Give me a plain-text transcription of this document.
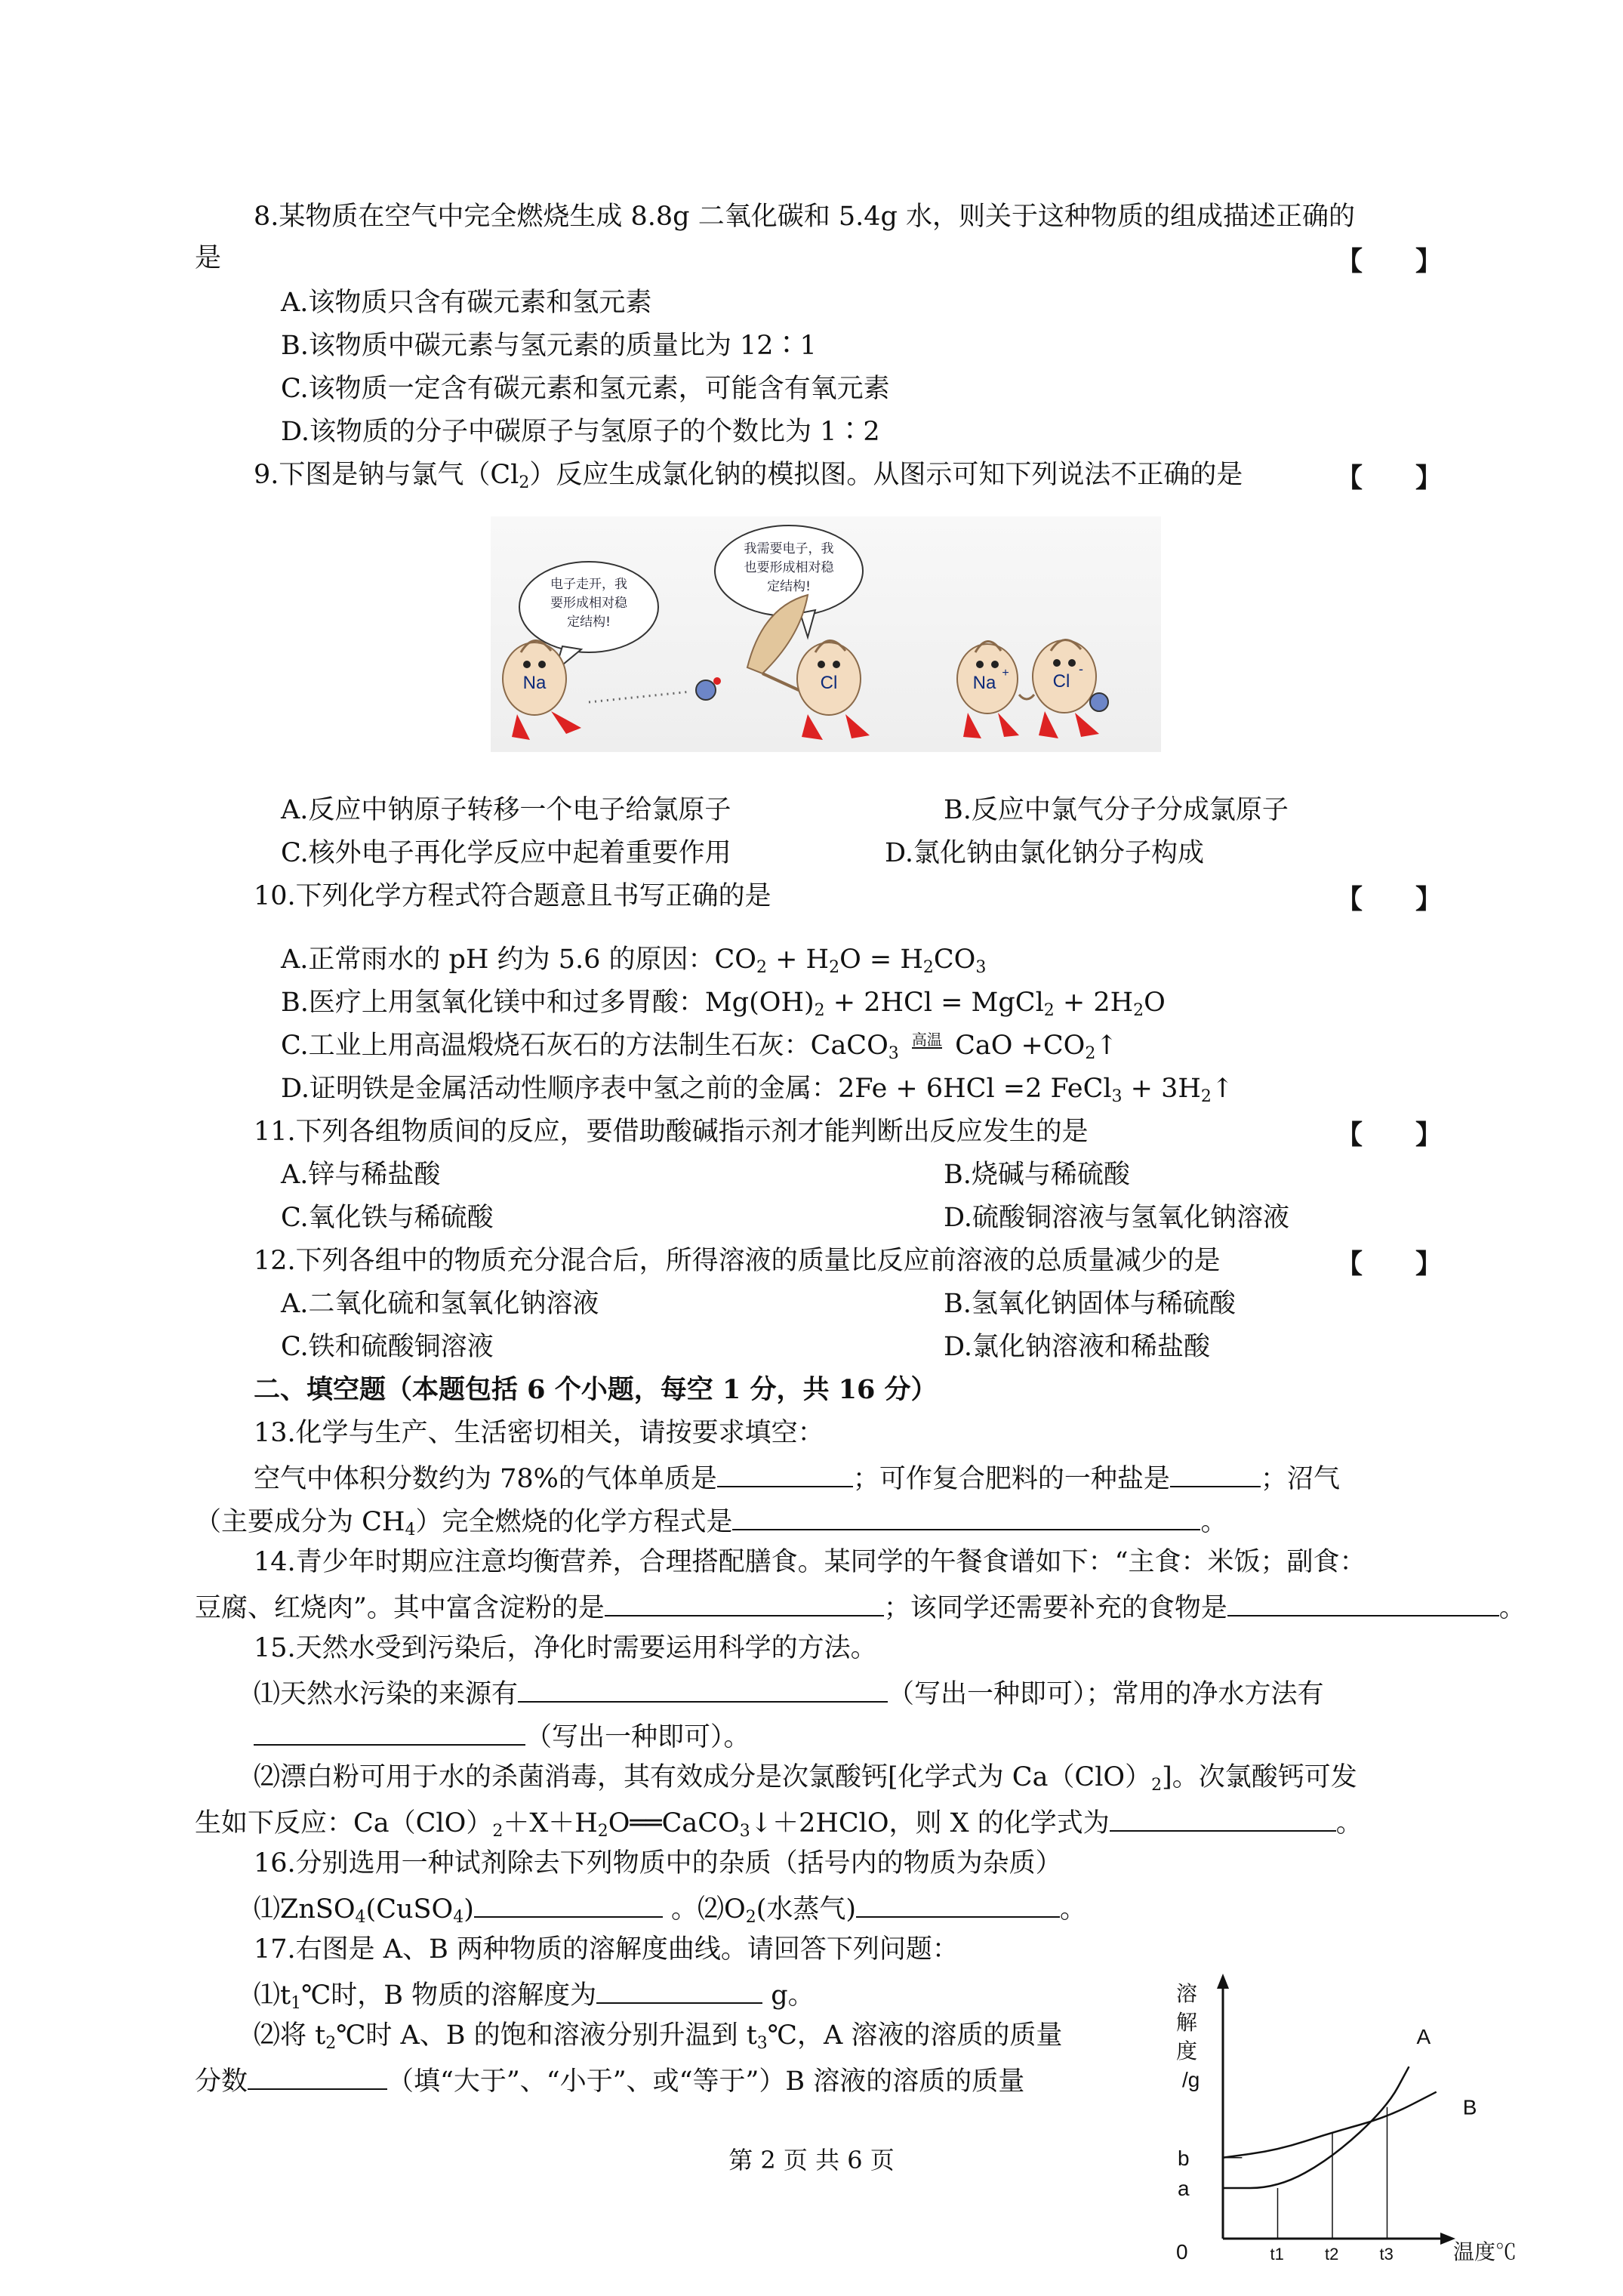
8.某物质在空气中完全燃烧生成 8.8g 二氧化碳和 5.4g 水，则关于这种物质的组成描述正确的
是	【　　】
A.该物质只含有碳元素和氢元素
B.该物质中碳元素与氢元素的质量比为 12∶1
C.该物质一定含有碳元素和氢元素，可能含有氧元素
D.该物质的分子中碳原子与氢原子的个数比为 1∶2
9.下图是钠与氯气$(Cl_2)$反应生成氯化钠的模拟图。从图示可知下列说法不正确的是	【　　】
电子走开，我
要形成相对稳
定结构!
我需要电子，我
也要形成相对稳
定结构!
Na	Cl	Na + Cl
-
A.反应中钠原子转移一个电子给氯原子	B.反应中氯气分子分成氯原子
C.核外电子再化学反应中起着重要作用	D.氯化钠由氯化钠分子构成
10.下列化学方程式符合题意且书写正确的是	【　　】
A.正常雨水的 pH 约为 5.6 的原因：$CO_2 + H_2O = H_2CO_3$
B.医疗上用氢氧化镁中和过多胃酸：$Mg(OH)_2 + 2HCl$ = MgCl$_2$ + $2H_2O$
C.工业上用高温煅烧石灰石的方法制生石灰：CaCO$_3$ 高温 CaO $+CO_2↑$
D.证明铁是金属活动性顺序表中氢之前的金属：2Fe + 6HCl =2 FeCl$_3$ + $3H_2↑$
11.下列各组物质间的反应，要借助酸碱指示剂才能判断出反应发生的是	【　　】
A.锌与稀盐酸	B.烧碱与稀硫酸
C.氧化铁与稀硫酸	D.硫酸铜溶液与氢氧化钠溶液
12.下列各组中的物质充分混合后，所得溶液的质量比反应前溶液的总质量减少的是	【　　】
A.二氧化硫和氢氧化钠溶液	B.氢氧化钠固体与稀硫酸
C.铁和硫酸铜溶液	D.氯化钠溶液和稀盐酸
二、填空题（本题包括 6 个小题，每空 1 分，共 16 分）
13.化学与生产、生活密切相关，请按要求填空：
空气中体积分数约为 78%的气体单质是	；可作复合肥料的一种盐是	；沼气
（主要成分为 $CH_4$）完全燃烧的化学方程式是	。
14.青少年时期应注意均衡营养，合理搭配膳食。某同学的午餐食谱如下：“主食：米饭；副食：
豆腐、红烧肉”。其中富含淀粉的是	；该同学还需要补充的食物是	。
15.天然水受到污染后，净化时需要运用科学的方法。
⑴天然水污染的来源有	（写出一种即可）；常用的净水方法有
（写出一种即可）。
⑵漂白粉可用于水的杀菌消毒，其有效成分是次氯酸钙[化学式为 $Ca(ClO)_2$]。次氯酸钙可发
生如下反应：$Ca(ClO)_2+X+H_2O══CaCO_3↓+2HClO$，则 X 的化学式为	。
16.分别选用一种试剂除去下列物质中的杂质（括号内的物质为杂质）
⑴ZnSO$_4$(CuSO$_4$)	。$⑵O_2$(水蒸气)	。
17.右图是 A、B 两种物质的溶解度曲线。请回答下列问题：
$⑴t_1℃$时，B 物质的溶解度为	g。
⑵将 $t_2℃$时 A、B 的饱和溶液分别升温到 $t_3℃$，A 溶液的溶质的质量
分数	（填“大于”、“小于”、或“等于”）B 溶液的溶质的质量
溶
解
度
/g
温度℃
0
a
b
t1 t2 t3
A
B
第 2 页 共 6 页
